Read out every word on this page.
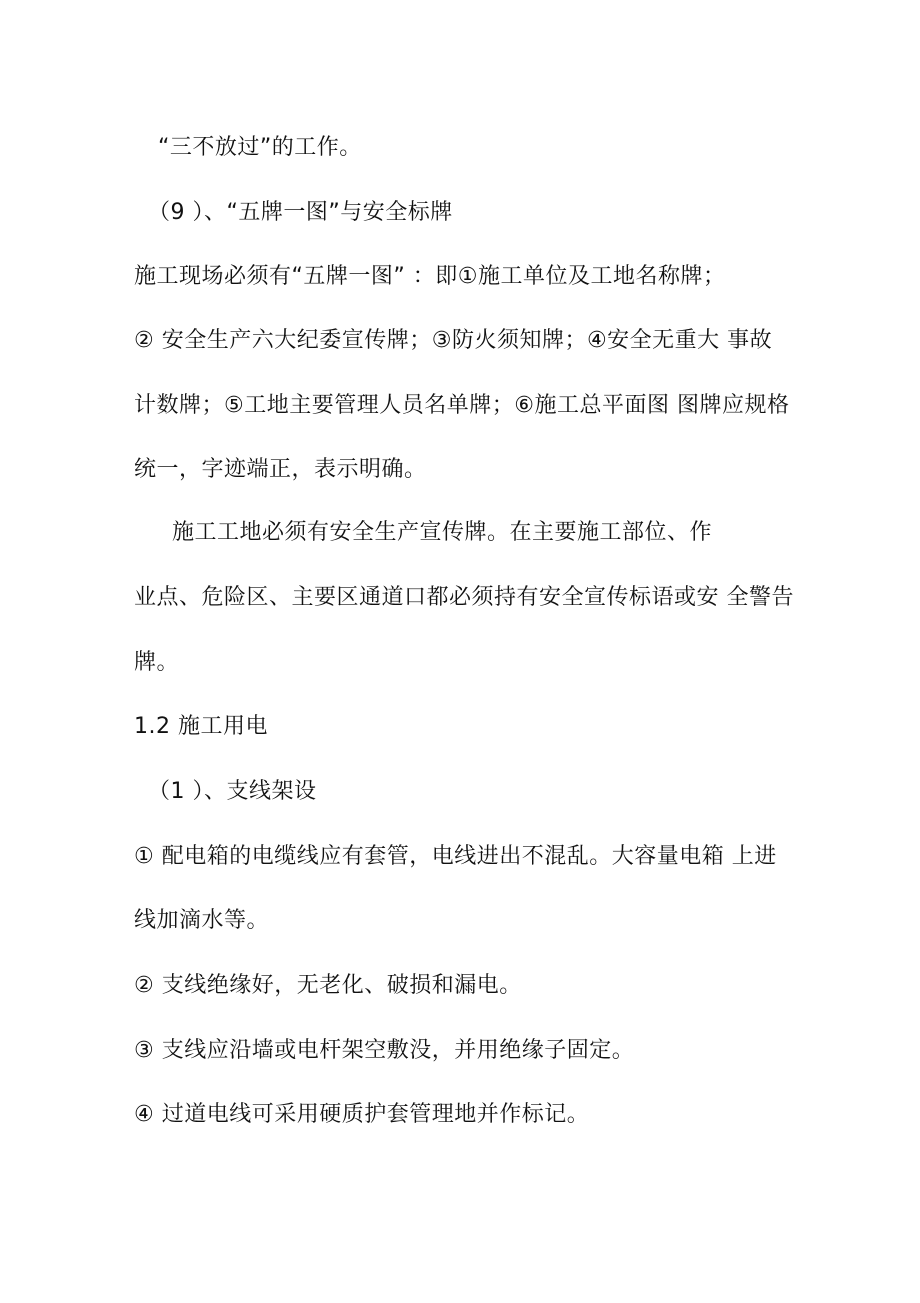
“三不放过”的工作。
（9 ）、“五牌一图”与安全标牌
施工现场必须有“五牌一图” ：即①施工单位及工地名称牌；
② 安全生产六大纪委宣传牌；③防火须知牌；④安全无重大 事故
计数牌；⑤工地主要管理人员名单牌；⑥施工总平面图 图牌应规格
统一，字迹端正，表示明确。
施工工地必须有安全生产宣传牌。在主要施工部位、作
业点、危险区、主要区通道口都必须持有安全宣传标语或安 全警告
牌。
1.2 施工用电
（1 ）、支线架设
① 配电箱的电缆线应有套管，电线进出不混乱。大容量电箱 上进
线加滴水等。
② 支线绝缘好，无老化、破损和漏电。
③ 支线应沿墙或电杆架空敷没，并用绝缘子固定。
④ 过道电线可采用硬质护套管理地并作标记。
